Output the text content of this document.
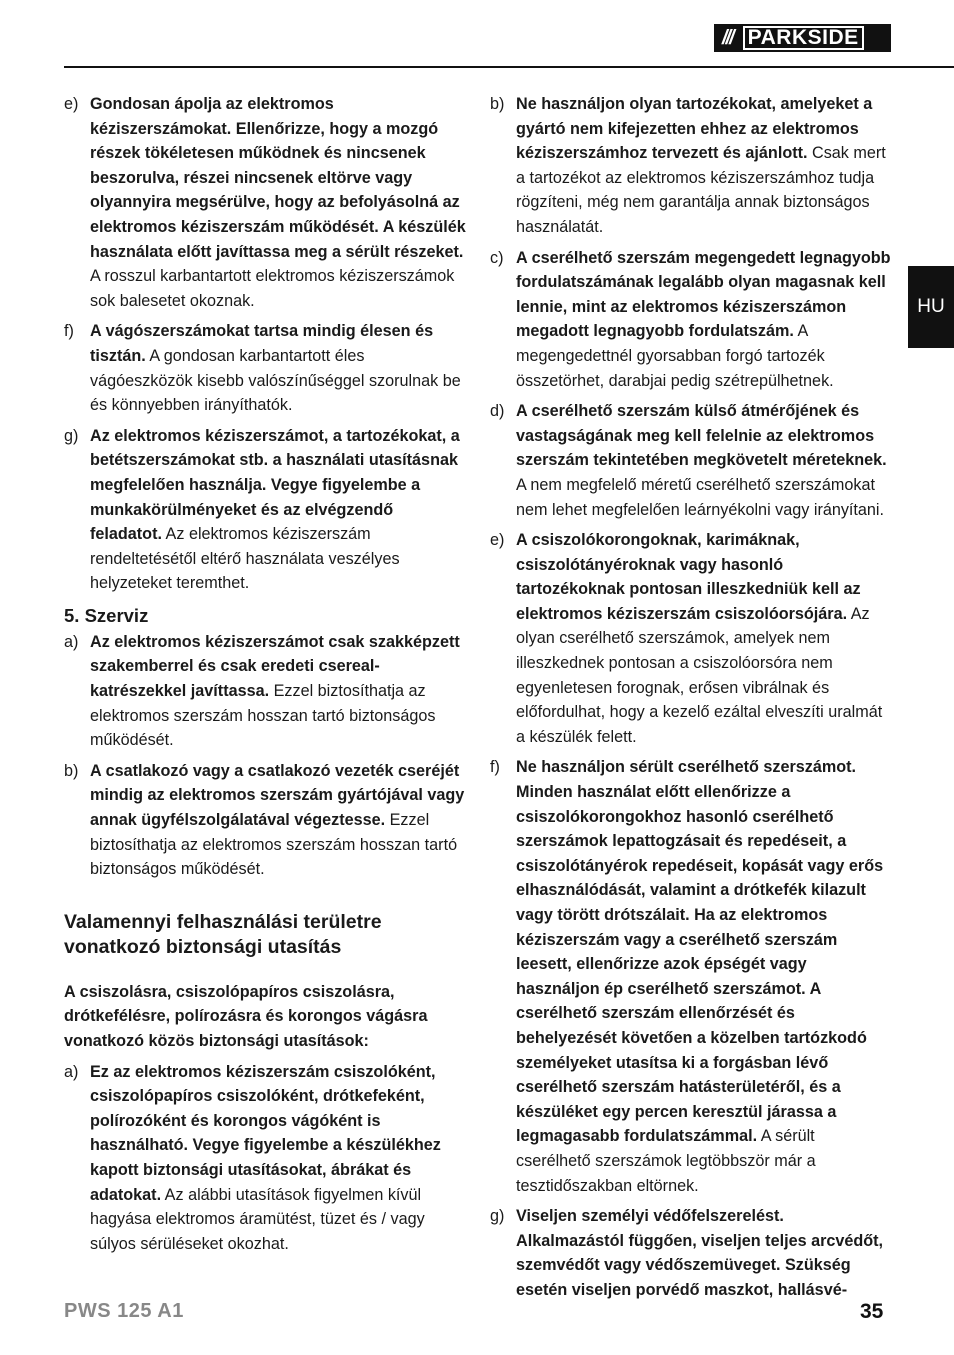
/// PARKSIDE
HU
e) Gondosan ápolja az elektromos kéziszerszámokat. Ellenőrizze, hogy a mozgó részek tökéletesen működnek és nincsenek beszorulva, részei nincsenek eltörve vagy olyannyira megsérülve, hogy az befolyásolná az elektromos kéziszerszám működését. A készülék használata előtt javíttassa meg a sérült részeket. A rosszul karbantartott elektromos kéziszerszámok sok balesetet okoznak.
f) A vágószerszámokat tartsa mindig élesen és tisztán. A gondosan karbantartott éles vágóeszközök kisebb valószínűséggel szorulnak be és könnyebben irányíthatók.
g) Az elektromos kéziszerszámot, a tartozékokat, a betétszerszámokat stb. a használati utasításnak megfelelően használja. Vegye figyelembe a munkakörülményeket és az elvégzendő feladatot. Az elektromos kéziszerszám rendeltetésétől eltérő használata veszélyes helyzeteket teremthet.
5. Szerviz
a) Az elektromos kéziszerszámot csak szakképzett szakemberrel és csak eredeti csereal-katrészekkel javíttassa. Ezzel biztosíthatja az elektromos szerszám hosszan tartó biztonságos működését.
b) A csatlakozó vagy a csatlakozó vezeték cseréjét mindig az elektromos szerszám gyártójával vagy annak ügyfélszolgálatával végeztesse. Ezzel biztosíthatja az elektromos szerszám hosszan tartó biztonságos működését.
Valamennyi felhasználási területre vonatkozó biztonsági utasítás
A csiszolásra, csiszolópapíros csiszolásra, drótkefélésre, polírozásra és korongos vágásra vonatkozó közös biztonsági utasítások:
a) Ez az elektromos kéziszerszám csiszolóként, csiszolópapíros csiszolóként, drótkefeként, polírozóként és korongos vágóként is használható. Vegye figyelembe a készülékhez kapott biztonsági utasításokat, ábrákat és adatokat. Az alábbi utasítások figyelmen kívül hagyása elektromos áramütést, tüzet és / vagy súlyos sérüléseket okozhat.
b) Ne használjon olyan tartozékokat, amelyeket a gyártó nem kifejezetten ehhez az elektromos kéziszerszámhoz tervezett és ajánlott. Csak mert a tartozékot az elektromos kéziszerszámhoz tudja rögzíteni, még nem garantálja annak biztonságos használatát.
c) A cserélhető szerszám megengedett legnagyobb fordulatszámának legalább olyan magasnak kell lennie, mint az elektromos kéziszerszámon megadott legnagyobb fordulatszám. A megengedettnél gyorsabban forgó tartozék összetörhet, darabjai pedig szétrepülhetnek.
d) A cserélhető szerszám külső átmérőjének és vastagságának meg kell felelnie az elektromos szerszám tekintetében megkövetelt méreteknek. A nem megfelelő méretű cserélhető szerszámokat nem lehet megfelelően leárnyékolni vagy irányítani.
e) A csiszolókorongoknak, karimáknak, csiszolótányéroknak vagy hasonló tartozékoknak pontosan illeszkedniük kell az elektromos kéziszerszám csiszolóorsójára. Az olyan cserélhető szerszámok, amelyek nem illeszkednek pontosan a csiszolóorsóra nem egyenletesen forognak, erősen vibrálnak és előfordulhat, hogy a kezelő ezáltal elveszíti uralmát a készülék felett.
f) Ne használjon sérült cserélhető szerszámot. Minden használat előtt ellenőrizze a csiszolókorongokhoz hasonló cserélhető szerszámok lepattogzásait és repedéseit, a csiszolótányérok repedéseit, kopását vagy erős elhasználódását, valamint a drótkefék kilazult vagy törött drótszálait. Ha az elektromos kéziszerszám vagy a cserélhető szerszám leesett, ellenőrizze azok épségét vagy használjon ép cserélhető szerszámot. A cserélhető szerszám ellenőrzését és behelyezését követően a közelben tartózkodó személyeket utasítsa ki a forgásban lévő cserélhető szerszám hatásterületéről, és a készüléket egy percen keresztül járassa a legmagasabb fordulatszámmal. A sérült cserélhető szerszámok legtöbbször már a tesztidőszakban eltörnek.
g) Viseljen személyi védőfelszerelést. Alkalmazástól függően, viseljen teljes arcvédőt, szemvédőt vagy védőszemüveget. Szükség esetén viseljen porvédő maszkot, hallásvé-
PWS 125 A1	35
